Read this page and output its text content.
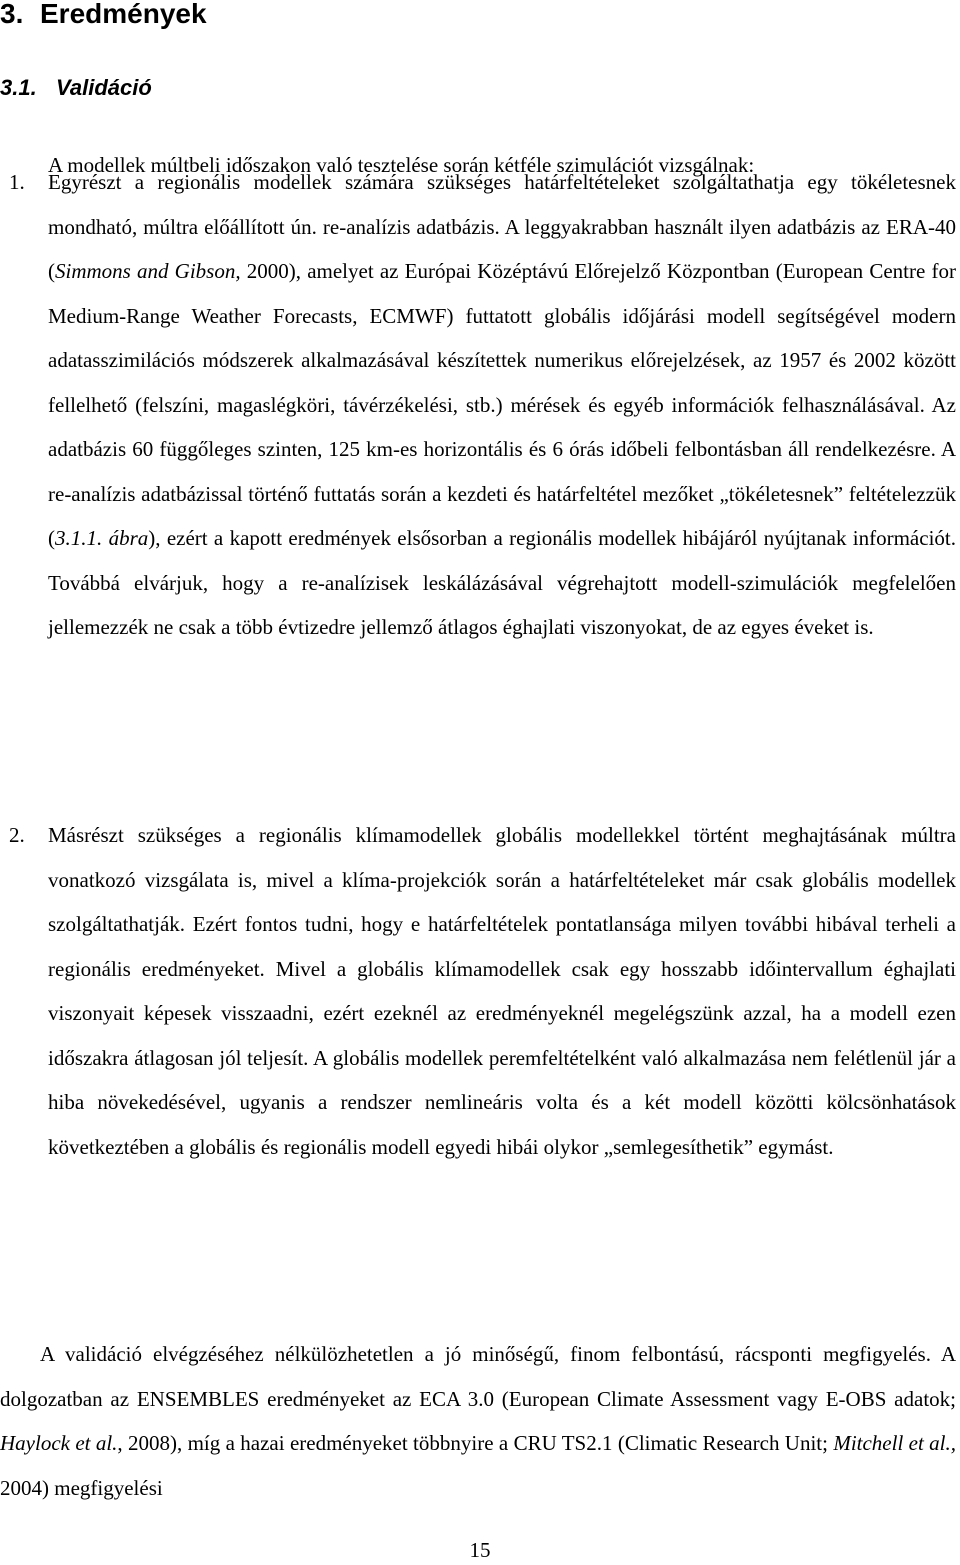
3. Eredmények
3.1. Validáció

A modellek múltbeli időszakon való tesztelése során kétféle szimulációt vizsgálnak:

1. Egyrészt a regionális modellek számára szükséges határfeltételeket szolgáltathatja egy tökéletesnek mondható, múltra előállított ún. re-analízis adatbázis. A leggyakrabban használt ilyen adatbázis az ERA-40 (Simmons and Gibson, 2000), amelyet az Európai Középtávú Előrejelző Központban (European Centre for Medium-Range Weather Forecasts, ECMWF) futtatott globális időjárási modell segítségével modern adatasszimilációs módszerek alkalmazásával készítettek numerikus előrejelzések, az 1957 és 2002 között fellelhető (felszíni, magaslégköri, távérzékelési, stb.) mérések és egyéb információk felhasználásával. Az adatbázis 60 függőleges szinten, 125 km-es horizontális és 6 órás időbeli felbontásban áll rendelkezésre. A re-analízis adatbázissal történő futtatás során a kezdeti és határfeltétel mezőket „tökéletesnek” feltételezzük (3.1.1. ábra), ezért a kapott eredmények elsősorban a regionális modellek hibájáról nyújtanak információt. Továbbá elvárjuk, hogy a re-analízisek leskálázásával végrehajtott modell-szimulációk megfelelően jellemezzék ne csak a több évtizedre jellemző átlagos éghajlati viszonyokat, de az egyes éveket is.
2. Másrészt szükséges a regionális klímamodellek globális modellekkel történt meghajtásának múltra vonatkozó vizsgálata is, mivel a klíma-projekciók során a határfeltételeket már csak globális modellek szolgáltathatják. Ezért fontos tudni, hogy e határfeltételek pontatlansága milyen további hibával terheli a regionális eredményeket. Mivel a globális klímamodellek csak egy hosszabb időintervallum éghajlati viszonyait képesek visszaadni, ezért ezeknél az eredményeknél megelégszünk azzal, ha a modell ezen időszakra átlagosan jól teljesít. A globális modellek peremfeltételként való alkalmazása nem felétlenül jár a hiba növekedésével, ugyanis a rendszer nemlineáris volta és a két modell közötti kölcsönhatások következtében a globális és regionális modell egyedi hibái olykor „semlegesíthetik” egymást.

A validáció elvégzéséhez nélkülözhetetlen a jó minőségű, finom felbontású, rácsponti megfigyelés. A dolgozatban az ENSEMBLES eredményeket az ECA 3.0 (European Climate Assessment vagy E-OBS adatok; Haylock et al., 2008), míg a hazai eredményeket többnyire a CRU TS2.1 (Climatic Research Unit; Mitchell et al., 2004) megfigyelési

15
